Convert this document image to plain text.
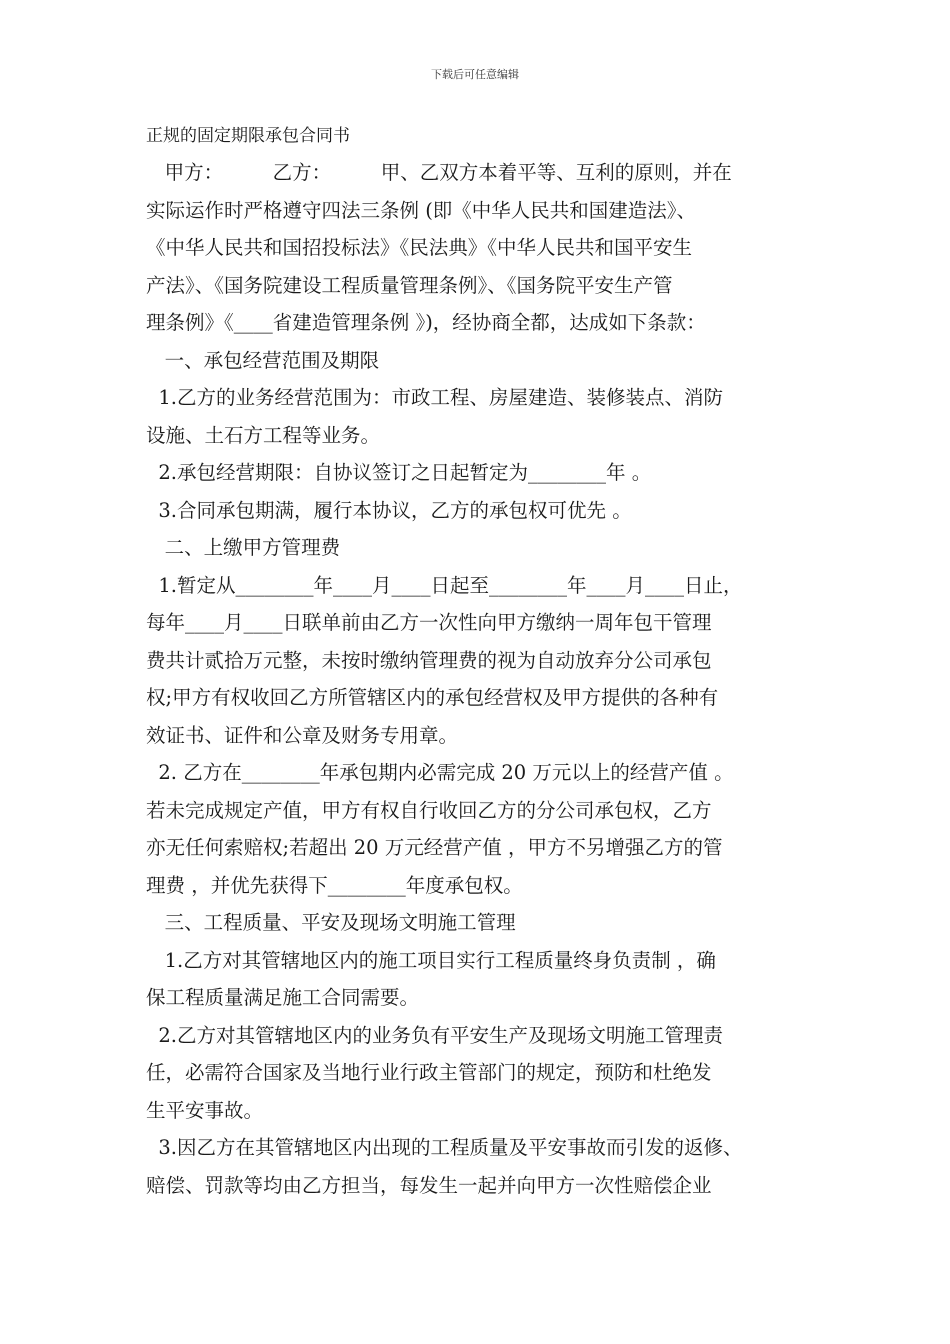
下载后可任意编辑

正规的固定期限承包合同书

甲方：        乙方：        甲、乙双方本着平等、互利的原则，并在

实际运作时严格遵守四法三条例 (即《中华人民共和国建造法》、

《中华人民共和国招投标法》《民法典》《中华人民共和国平安生

产法》、《国务院建设工程质量管理条例》、《国务院平安生产管

理条例》《____省建造管理条例 》)，经协商全都，达成如下条款：

一、承包经营范围及期限

1.乙方的业务经营范围为：市政工程、房屋建造、装修装点、消防

设施、土石方工程等业务。

2.承包经营期限：自协议签订之日起暂定为________年 。

3.合同承包期满，履行本协议，乙方的承包权可优先 。

二、上缴甲方管理费

1.暂定从________年____月____日起至________年____月____日止，

每年____月____日联单前由乙方一次性向甲方缴纳一周年包干管理

费共计贰拾万元整，未按时缴纳管理费的视为自动放弃分公司承包

权;甲方有权收回乙方所管辖区内的承包经营权及甲方提供的各种有

效证书、证件和公章及财务专用章。

2. 乙方在________年承包期内必需完成 20 万元以上的经营产值 。

若未完成规定产值，甲方有权自行收回乙方的分公司承包权，乙方

亦无任何索赔权;若超出 20 万元经营产值 ，甲方不另增强乙方的管

理费 ，并优先获得下________年度承包权。

三、工程质量、平安及现场文明施工管理

1.乙方对其管辖地区内的施工项目实行工程质量终身负责制 ，确

保工程质量满足施工合同需要。

2.乙方对其管辖地区内的业务负有平安生产及现场文明施工管理责

任，必需符合国家及当地行业行政主管部门的规定，预防和杜绝发

生平安事故。

3.因乙方在其管辖地区内出现的工程质量及平安事故而引发的返修、

赔偿、罚款等均由乙方担当，每发生一起并向甲方一次性赔偿企业
